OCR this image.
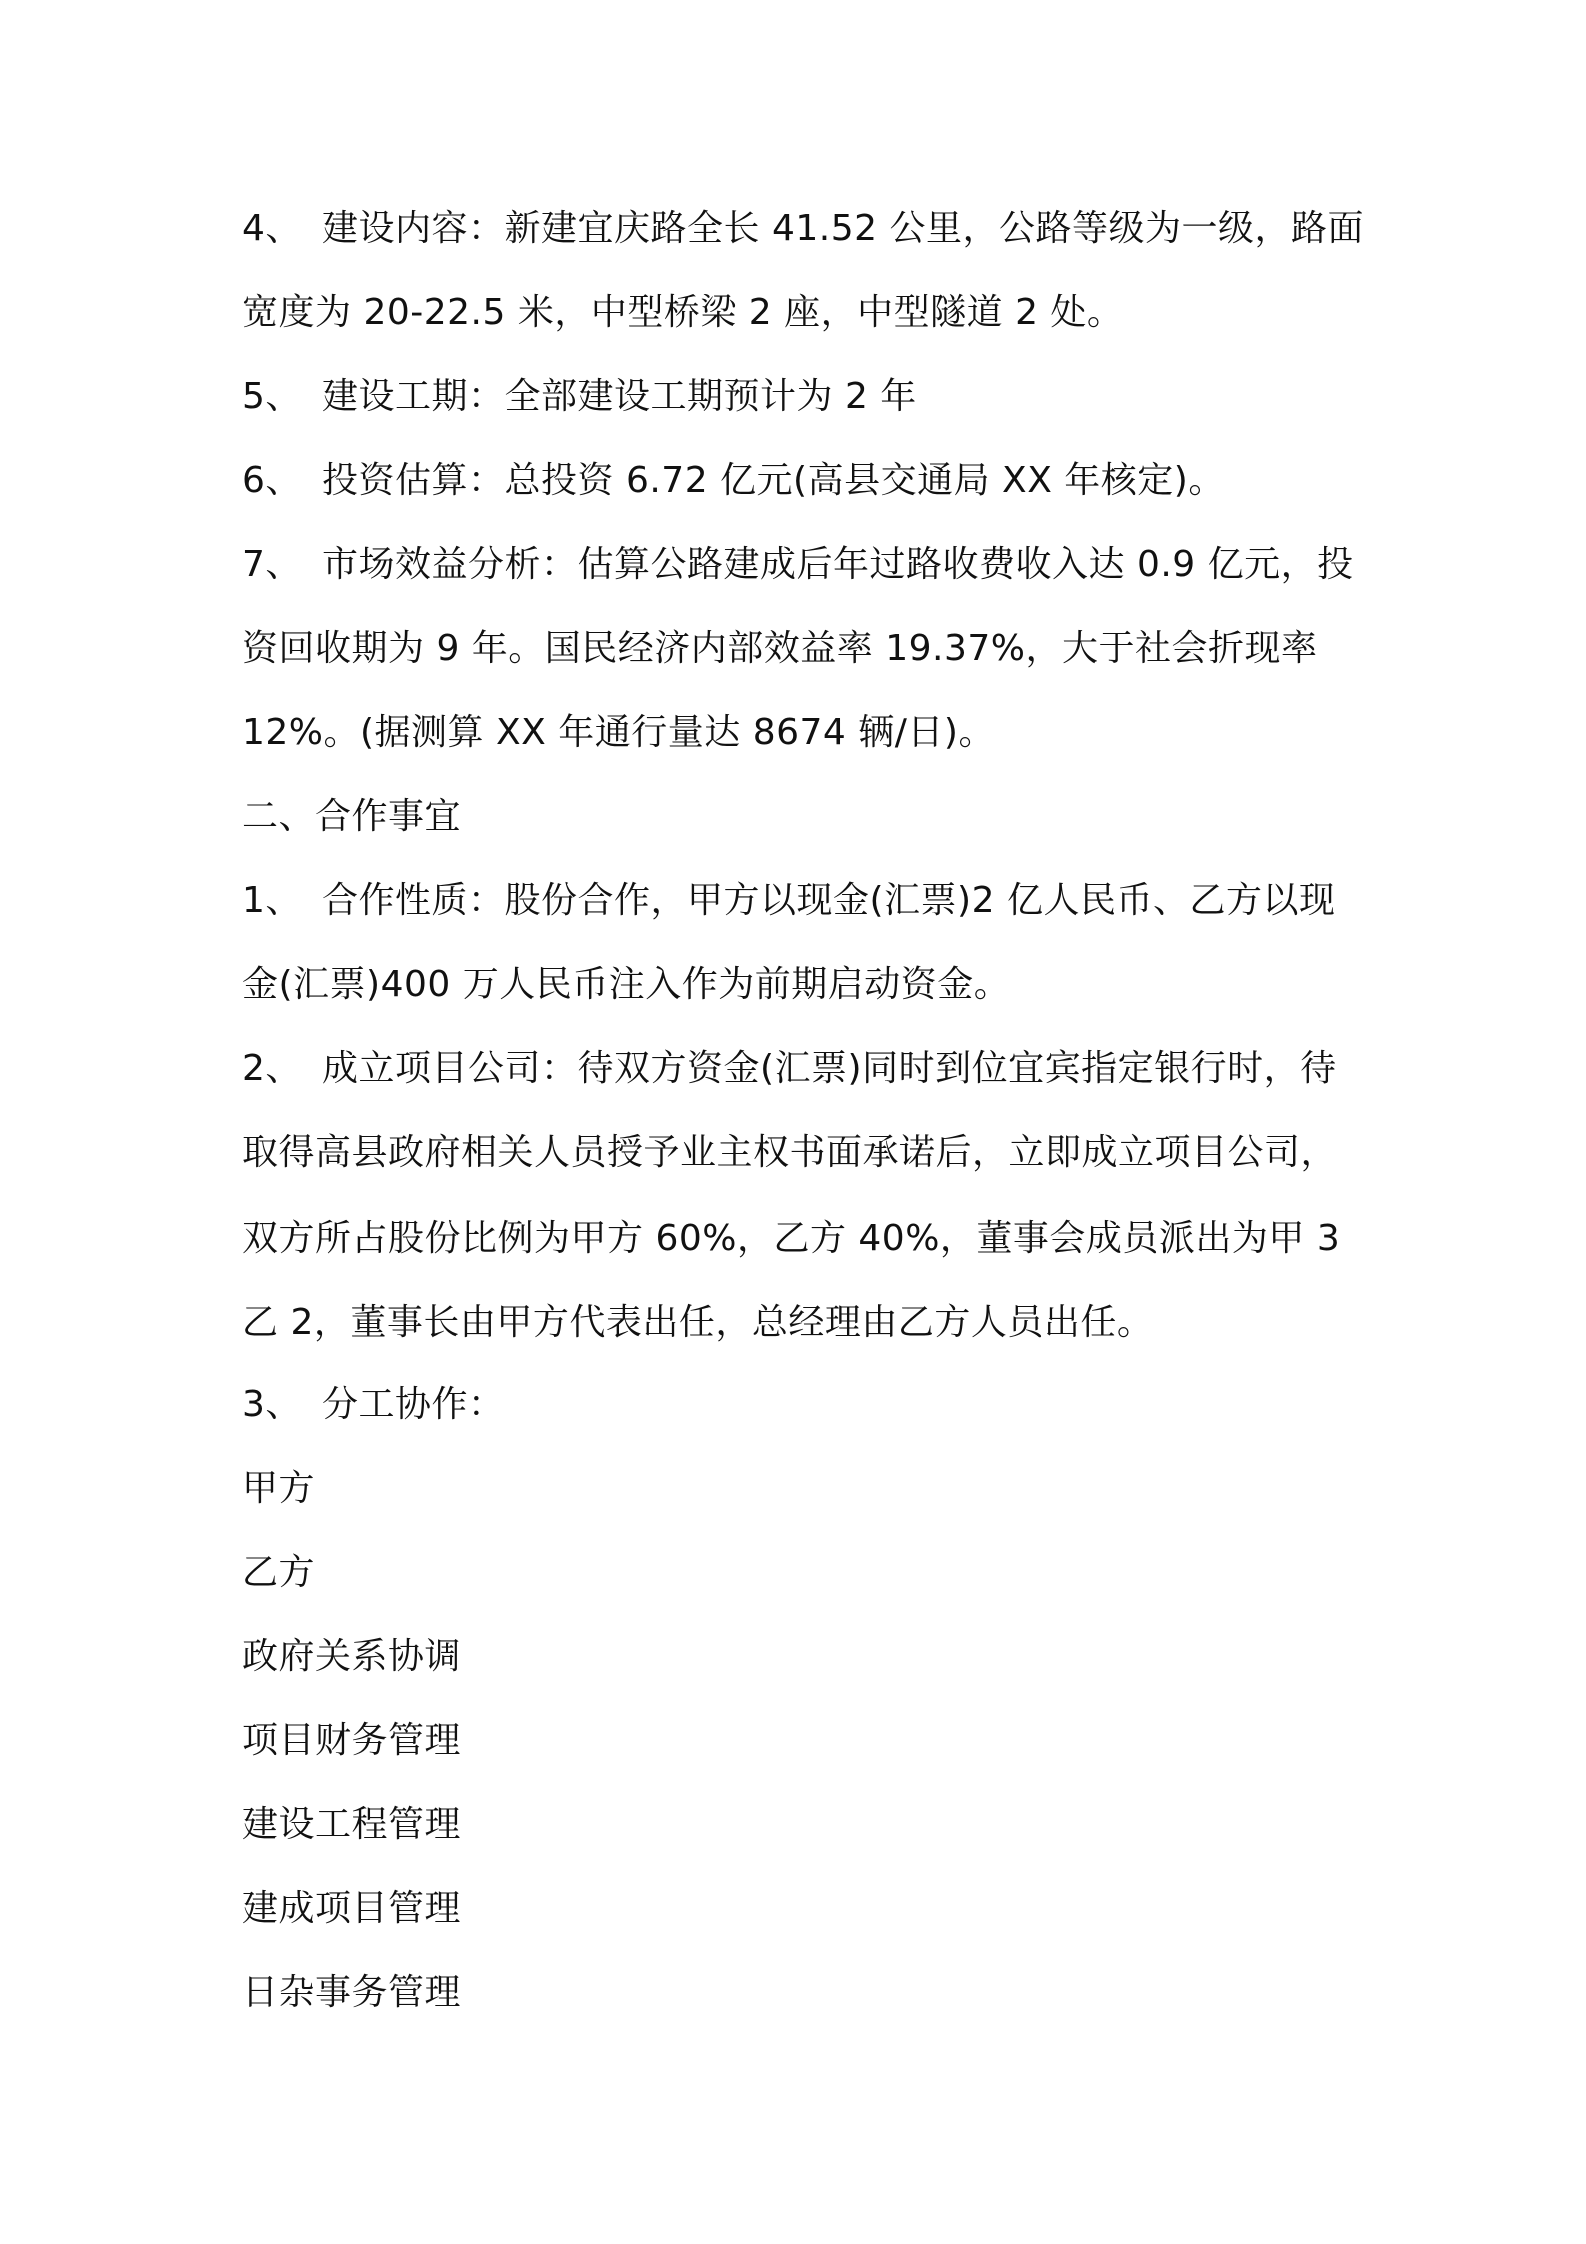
4、 建设内容：新建宜庆路全长 41.52 公里，公路等级为一级，路面
宽度为 20-22.5 米，中型桥梁 2 座，中型隧道 2 处。
5、 建设工期：全部建设工期预计为 2 年
6、 投资估算：总投资 6.72 亿元(高县交通局 XX 年核定)。
7、 市场效益分析：估算公路建成后年过路收费收入达 0.9 亿元，投
资回收期为 9 年。国民经济内部效益率 19.37%，大于社会折现率
12%。(据测算 XX 年通行量达 8674 辆/日)。
二、合作事宜
1、 合作性质：股份合作，甲方以现金(汇票)2 亿人民币、乙方以现
金(汇票)400 万人民币注入作为前期启动资金。
2、 成立项目公司：待双方资金(汇票)同时到位宜宾指定银行时，待
取得高县政府相关人员授予业主权书面承诺后，立即成立项目公司，
双方所占股份比例为甲方 60%，乙方 40%，董事会成员派出为甲 3
乙 2，董事长由甲方代表出任，总经理由乙方人员出任。
3、 分工协作：
甲方
乙方
政府关系协调
项目财务管理
建设工程管理
建成项目管理
日杂事务管理
